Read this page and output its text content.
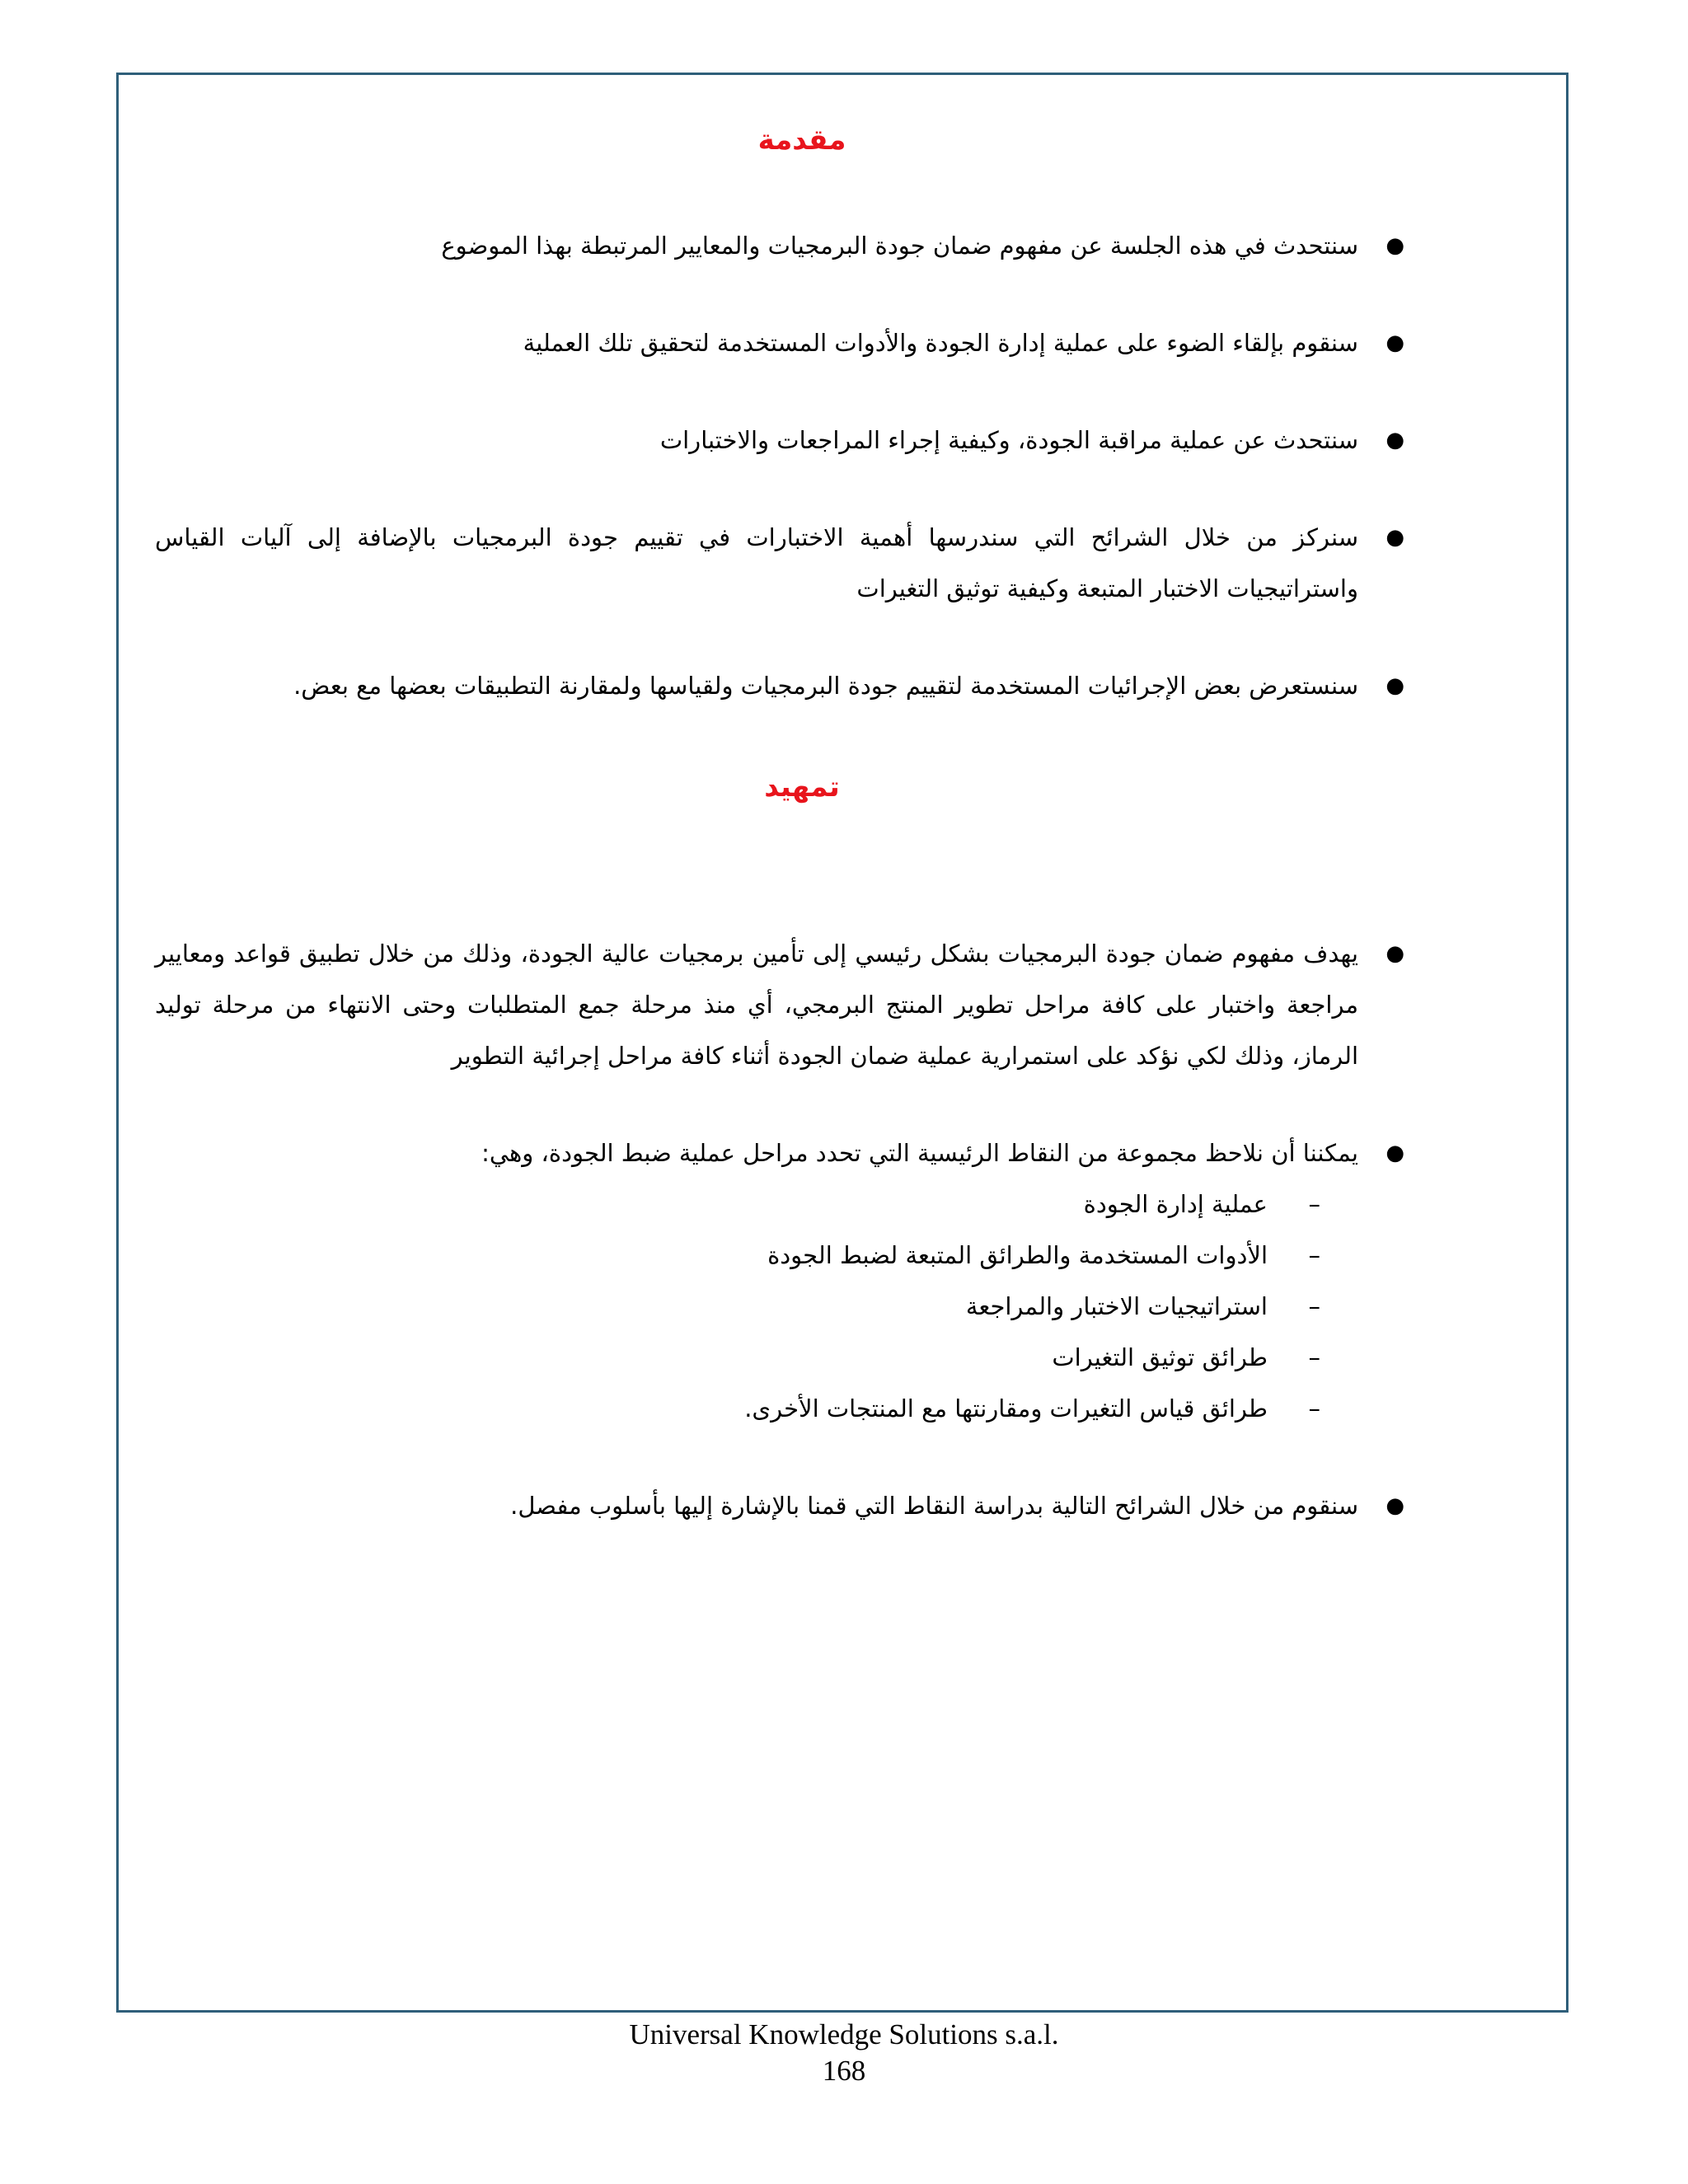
مقدمة
●
سنتحدث في هذه الجلسة عن مفهوم ضمان جودة البرمجيات والمعايير المرتبطة بهذا الموضوع
●
سنقوم بإلقاء الضوء على عملية إدارة الجودة والأدوات المستخدمة لتحقيق تلك العملية
●
سنتحدث عن عملية مراقبة الجودة، وكيفية إجراء المراجعات والاختبارات
●
سنركز من خلال الشرائح التي سندرسها أهمية الاختبارات في تقييم جودة البرمجيات بالإضافة إلى آليات القياس واستراتيجيات الاختبار المتبعة وكيفية توثيق التغيرات
●
سنستعرض بعض الإجرائيات المستخدمة لتقييم جودة البرمجيات ولقياسها ولمقارنة التطبيقات بعضها مع بعض.
تمهيد
●
يهدف مفهوم ضمان جودة البرمجيات بشكل رئيسي إلى تأمين برمجيات عالية الجودة، وذلك من خلال تطبيق قواعد ومعايير مراجعة واختبار على كافة مراحل تطوير المنتج البرمجي، أي منذ مرحلة جمع المتطلبات وحتى الانتهاء من مرحلة توليد الرماز، وذلك لكي نؤكد على استمرارية عملية ضمان الجودة أثناء كافة مراحل إجرائية التطوير
●
يمكننا أن نلاحظ مجموعة من النقاط الرئيسية التي تحدد مراحل عملية ضبط الجودة، وهي:
–
عملية إدارة الجودة
–
الأدوات المستخدمة والطرائق المتبعة لضبط الجودة
–
استراتيجيات الاختبار والمراجعة
–
طرائق توثيق التغيرات
–
طرائق قياس التغيرات ومقارنتها مع المنتجات الأخرى.
●
سنقوم من خلال الشرائح التالية بدراسة النقاط التي قمنا بالإشارة إليها بأسلوب مفصل.
Universal Knowledge Solutions s.a.l.
168
